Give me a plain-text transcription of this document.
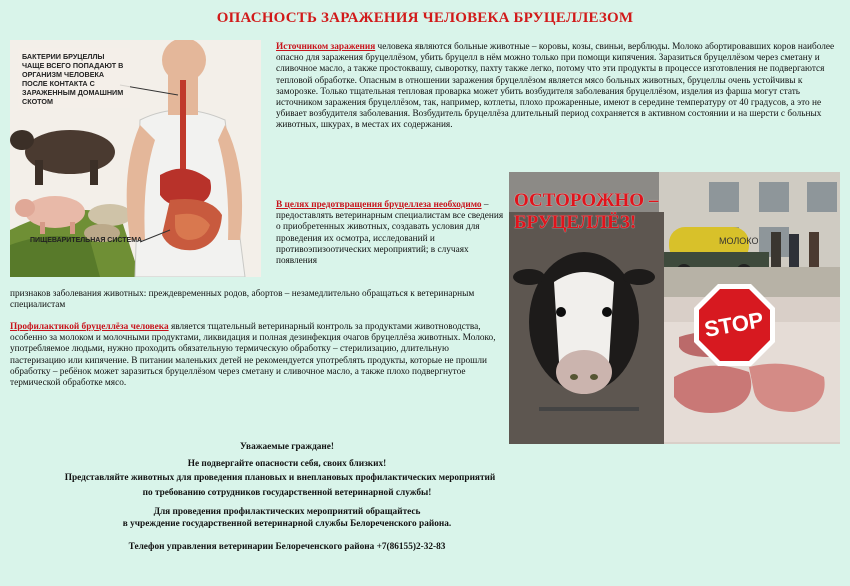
ОПАСНОСТЬ ЗАРАЖЕНИЯ ЧЕЛОВЕКА БРУЦЕЛЛЕЗОМ
БАКТЕРИИ БРУЦЕЛЛЫ ЧАЩЕ ВСЕГО ПОПАДАЮТ В ОРГАНИЗМ ЧЕЛОВЕКА ПОСЛЕ КОНТАКТА С ЗАРАЖЕННЫМ ДОМАШНИМ СКОТОМ
ПИЩЕВАРИТЕЛЬНАЯ СИСТЕМА

Источником заражения человека являются больные животные – коровы, козы, свиньи, верблюды. Молоко абортировавших коров наиболее опасно для заражения бруцеллёзом, убить бруцелл в нём можно только при помощи кипячения. Заразиться бруцеллёзом через сметану и сливочное масло, а также простоквашу, сыворотку, пахту также легко, потому что эти продукты в процессе изготовления не подвергаются тепловой обработке. Опасным в отношении заражения бруцеллёзом является мясо больных животных, бруцеллы очень устойчивы к заморозке. Только тщательная тепловая проварка может убить возбудителя заболевания бруцеллёзом, изделия из фарша могут стать источником заражения бруцеллёзом, так, например, котлеты, плохо прожаренные, имеют в середине температуру от 40 градусов, а это не убивает возбудителя заболевания. Возбудитель бруцеллёза длительный период сохраняется в активном состоянии и на шерсти с больных животных, шкурах, в местах их содержания.

В целях предотвращения бруцеллеза необходимо – предоставлять ветеринарным специалистам все сведения о приобретенных животных, создавать условия для проведения их осмотра, исследований и противоэпизоотических мероприятий; в случаях появления

признаков заболевания животных: преждевременных родов, абортов – незамедлительно обращаться к ветеринарным специалистам

Профилактикой бруцеллёза человека является тщательный ветеринарный контроль за продуктами животноводства, особенно за молоком и молочными продуктами, ликвидация и полная дезинфекция очагов бруцеллёза животных. Молоко, употребляемое людьми, нужно проходить обязательную термическую обработку – стерилизацию, длительную пастеризацию или кипячение. В питании маленьких детей не рекомендуется употреблять продукты, которые не прошли обработку – ребёнок может заразиться бруцеллёзом через сметану и сливочное масло, а также плохо подвергнутое термической обработке мясо.

STOP
МОЛОКО
ОСТОРОЖНО – БРУЦЕЛЛЁЗ!
Уважаемые граждане!
Не подвергайте опасности себя, своих близких!
Представляйте животных для проведения плановых и внеплановых профилактических мероприятий
по требованию сотрудников государственной ветеринарной службы!
Для проведения профилактических мероприятий обращайтесь
в учреждение государственной ветеринарной службы Белореченского района.
Телефон управления ветеринарии Белореченского района +7(86155)2-32-83
